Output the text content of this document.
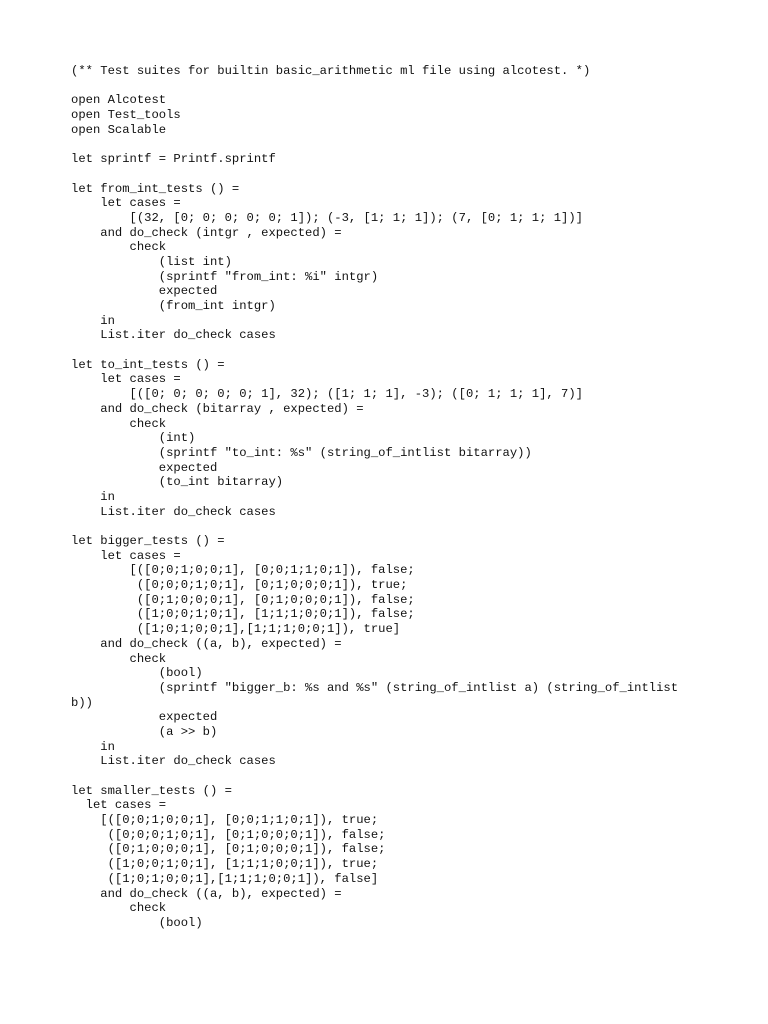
(** Test suites for builtin basic_arithmetic ml file using alcotest. *)
open Alcotest
open Test_tools
open Scalable
let sprintf = Printf.sprintf
let from_int_tests () =
let cases =
[(32, [0; 0; 0; 0; 0; 1]); (-3, [1; 1; 1]); (7, [0; 1; 1; 1])]
and do_check (intgr , expected) =
check
(list int)
(sprintf "from_int: %i" intgr)
expected
(from_int intgr)
in
List.iter do_check cases
let to_int_tests () =
let cases =
[([0; 0; 0; 0; 0; 1], 32); ([1; 1; 1], -3); ([0; 1; 1; 1], 7)]
and do_check (bitarray , expected) =
check
(int)
(sprintf "to_int: %s" (string_of_intlist bitarray))
expected
(to_int bitarray)
in
List.iter do_check cases
let bigger_tests () =
let cases =
[([0;0;1;0;0;1], [0;0;1;1;0;1]), false;
([0;0;0;1;0;1], [0;1;0;0;0;1]), true;
([0;1;0;0;0;1], [0;1;0;0;0;1]), false;
([1;0;0;1;0;1], [1;1;1;0;0;1]), false;
([1;0;1;0;0;1],[1;1;1;0;0;1]), true]
and do_check ((a, b), expected) =
check
(bool)
(sprintf "bigger_b: %s and %s" (string_of_intlist a) (string_of_intlist
b))
expected
(a >> b)
in
List.iter do_check cases
let smaller_tests () =
let cases =
[([0;0;1;0;0;1], [0;0;1;1;0;1]), true;
([0;0;0;1;0;1], [0;1;0;0;0;1]), false;
([0;1;0;0;0;1], [0;1;0;0;0;1]), false;
([1;0;0;1;0;1], [1;1;1;0;0;1]), true;
([1;0;1;0;0;1],[1;1;1;0;0;1]), false]
and do_check ((a, b), expected) =
check
(bool)
